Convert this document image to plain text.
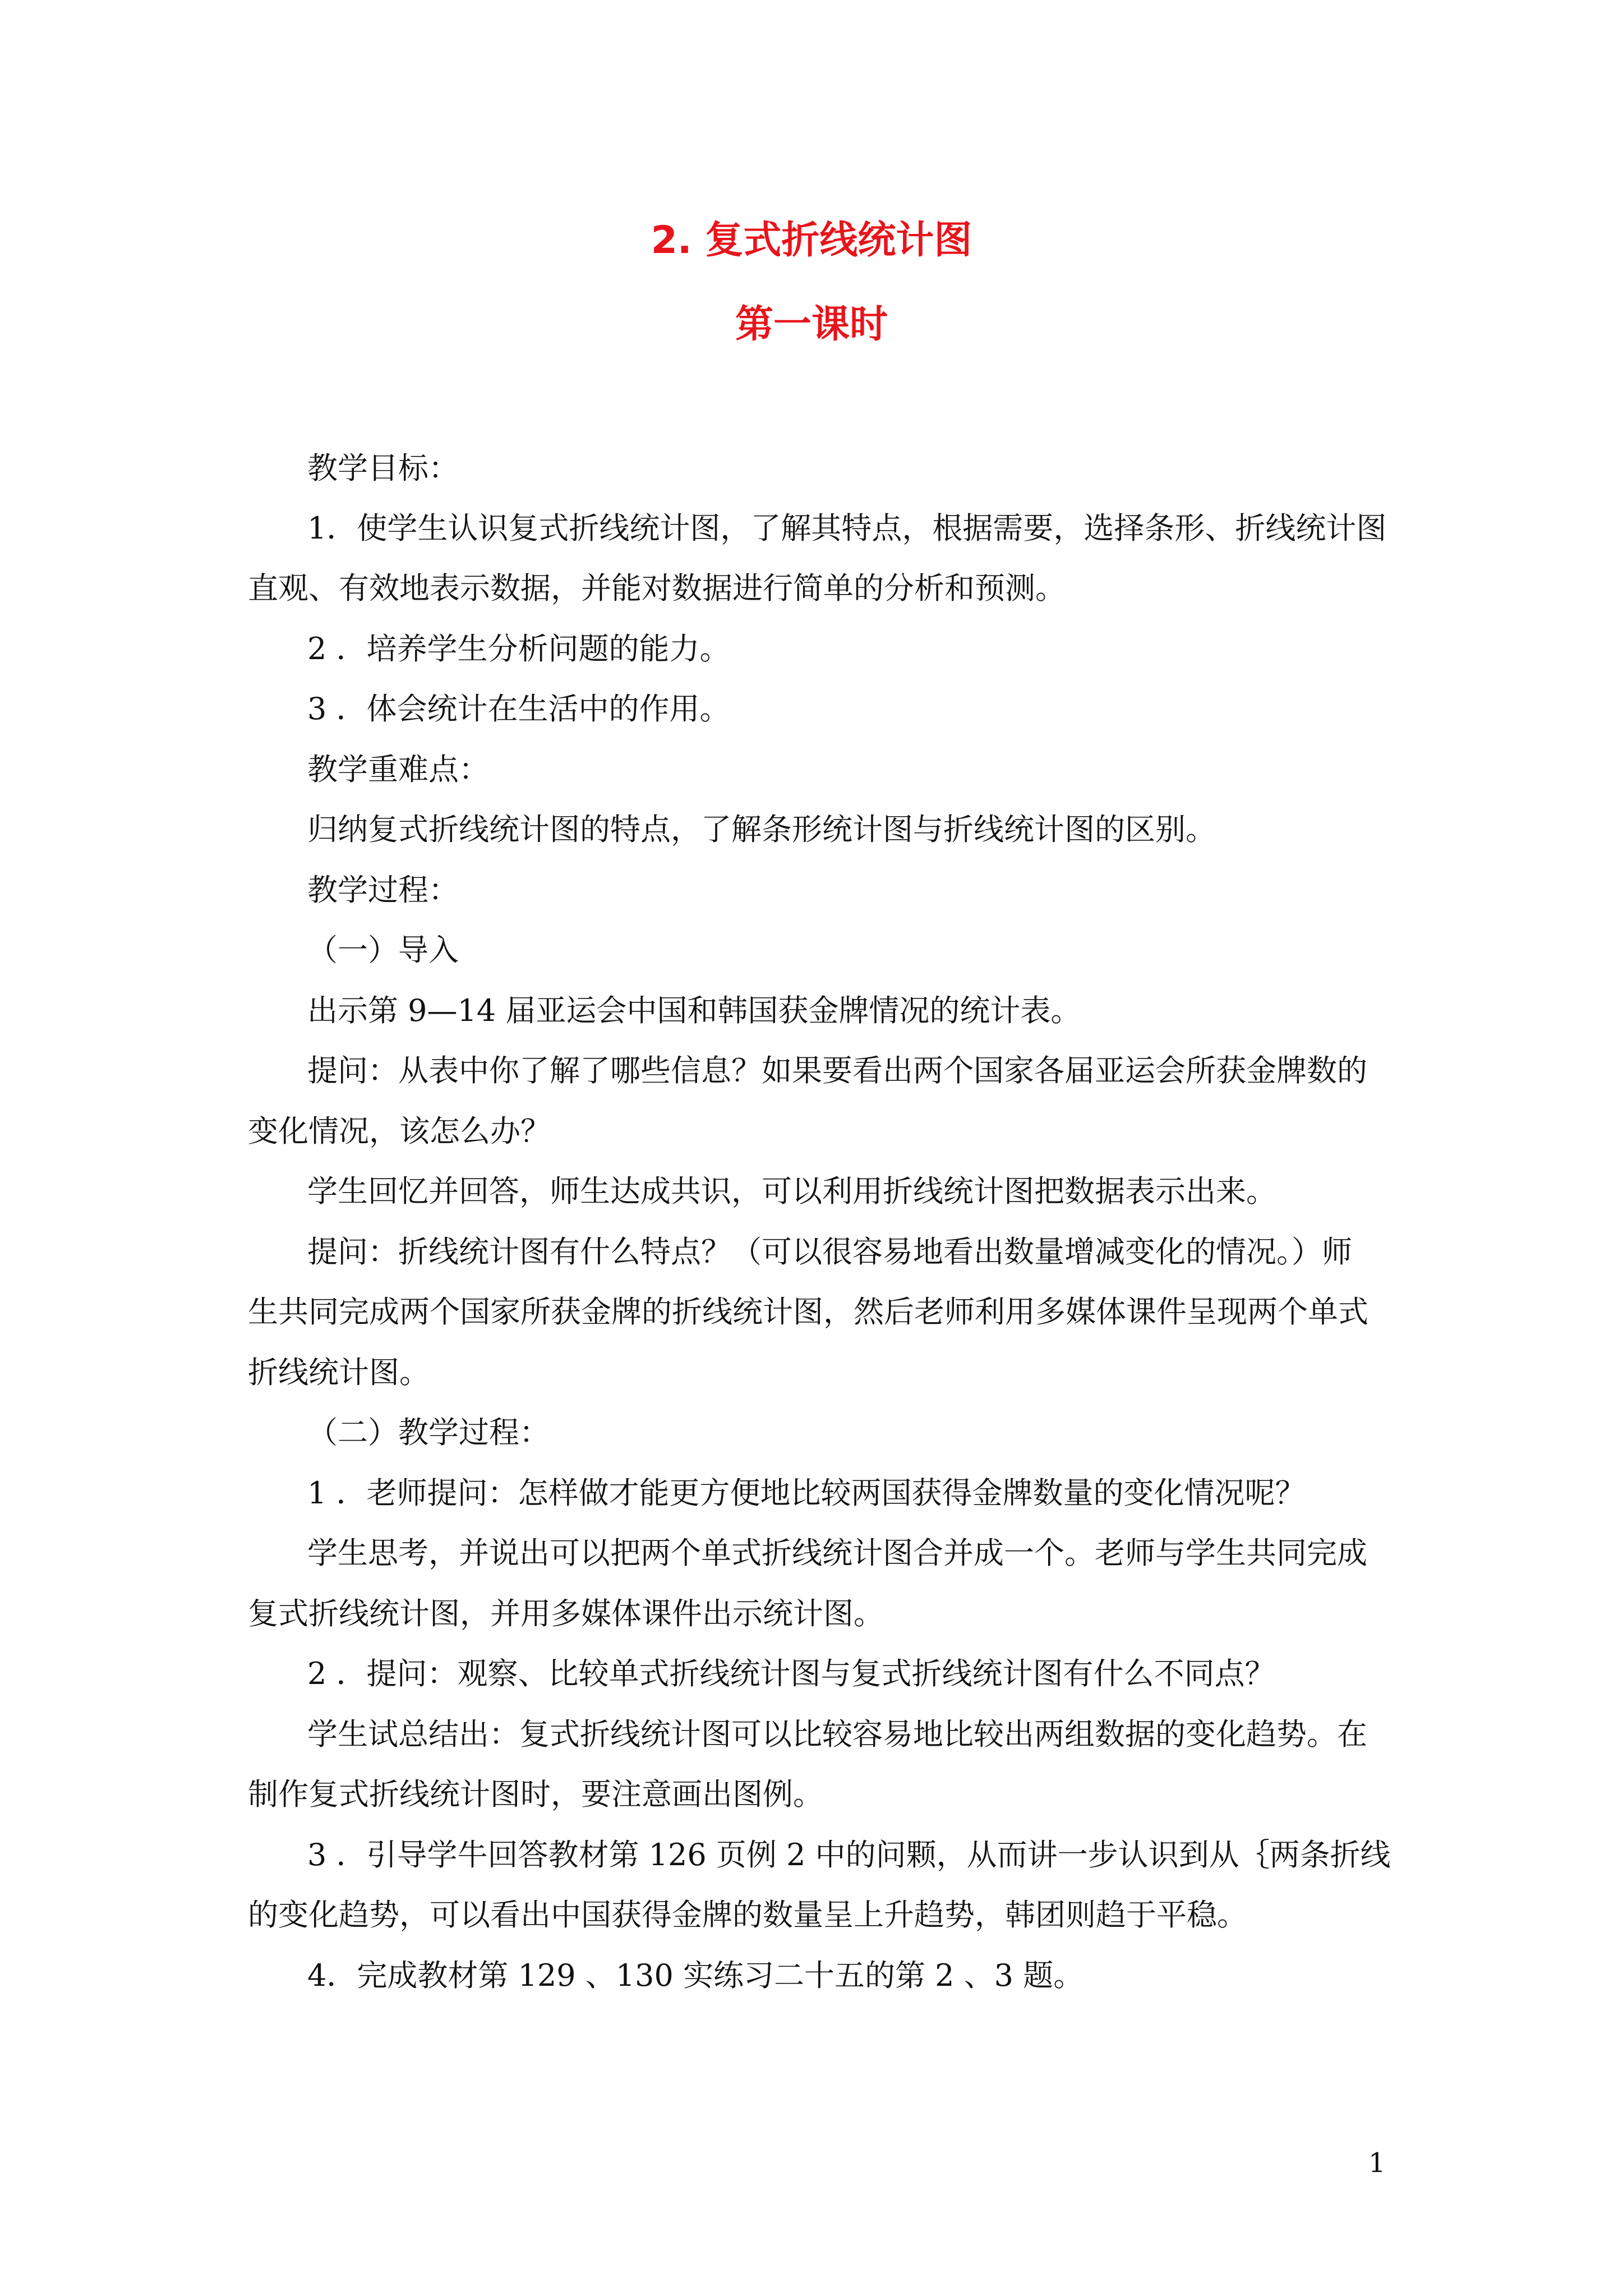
2. 复式折线统计图
第一课时
教学目标：
1．使学生认识复式折线统计图，了解其特点，根据需要，选择条形、折线统计图
直观、有效地表示数据，并能对数据进行简单的分析和预测。
2 ．培养学生分析问题的能力。
3 ．体会统计在生活中的作用。
教学重难点：
归纳复式折线统计图的特点，了解条形统计图与折线统计图的区别。
教学过程：
（一）导入
出示第 9—14 届亚运会中国和韩国获金牌情况的统计表。
提问：从表中你了解了哪些信息？如果要看出两个国家各届亚运会所获金牌数的
变化情况，该怎么办？
学生回忆并回答，师生达成共识，可以利用折线统计图把数据表示出来。
提问：折线统计图有什么特点？（可以很容易地看出数量增减变化的情况。）师
生共同完成两个国家所获金牌的折线统计图，然后老师利用多媒体课件呈现两个单式
折线统计图。
（二）教学过程：
1 ．老师提问：怎样做才能更方便地比较两国获得金牌数量的变化情况呢？
学生思考，并说出可以把两个单式折线统计图合并成一个。老师与学生共同完成
复式折线统计图，并用多媒体课件出示统计图。
2 ．提问：观察、比较单式折线统计图与复式折线统计图有什么不同点？
学生试总结出：复式折线统计图可以比较容易地比较出两组数据的变化趋势。在
制作复式折线统计图时，要注意画出图例。
3 ．引导学牛回答教材第 126 页例 2 中的问颗，从而讲一步认识到从｛两条折线
的变化趋势，可以看出中国获得金牌的数量呈上升趋势，韩团则趋于平稳。
4．完成教材第 129 、130 实练习二十五的第 2 、3 题。
1
